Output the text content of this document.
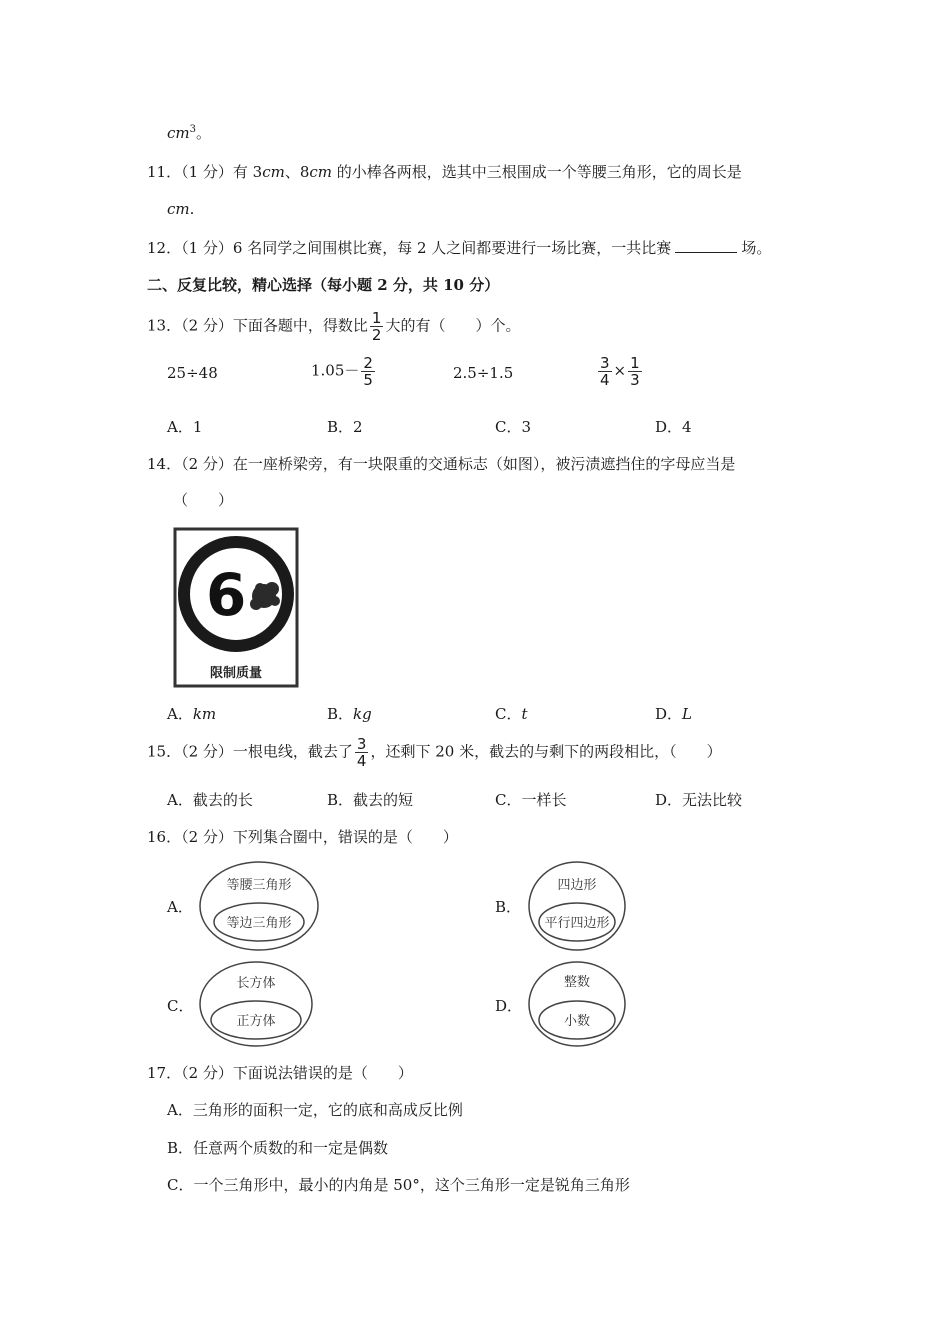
$cm^3$。
11．（1 分）有 3cm、8cm 的小棒各两根，选其中三根围成一个等腰三角形，它的周长是
cm.
12．（1 分）6 名同学之间围棋比赛，每 2 人之间都要进行一场比赛，一共比赛	场。
二、反复比较，精心选择（每小题 2 分，共 10 分）
13．（2 分）下面各题中，得数比 $\frac{1}{2}$ 大的有（　　）个。
25÷48	$1.05- \frac{2}{5}$	2.5÷1.5	$\frac{3}{4} \times \frac{1}{3}$
A．1	B．2	C．3	D．4
14．（2 分）在一座桥梁旁，有一块限重的交通标志（如图），被污渍遮挡住的字母应当是
（　　）
6
限制质量
A．km	B．kg	C．t	D．L
15．（2 分）一根电线，截去了 $\frac{3}{4}$ ，还剩下 20 米，截去的与剩下的两段相比，（　　）
A．截去的长	B．截去的短	C．一样长	D．无法比较
16．（2 分）下列集合圈中，错误的是（　　）
A．
等腰三角形
等边三角形
B．
四边形
平行四边形
C．
长方体
正方体
D．
整数
小数
17．（2 分）下面说法错误的是（　　）
A．三角形的面积一定，它的底和高成反比例
B．任意两个质数的和一定是偶数
C．一个三角形中，最小的内角是 50°，这个三角形一定是锐角三角形
